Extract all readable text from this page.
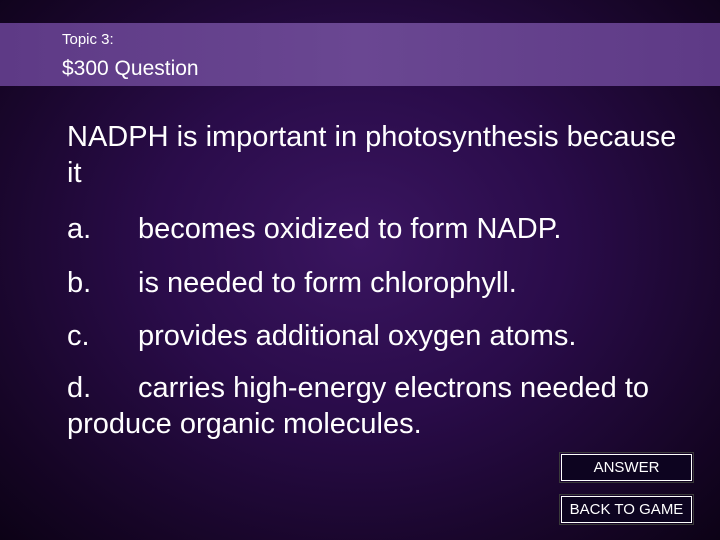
Topic 3:
$300 Question
NADPH is important in photosynthesis because it
a. becomes oxidized to form NADP.
b. is needed to form chlorophyll.
c. provides additional oxygen atoms.
d. carries high-energy electrons needed to produce organic molecules.
ANSWER
BACK TO GAME
